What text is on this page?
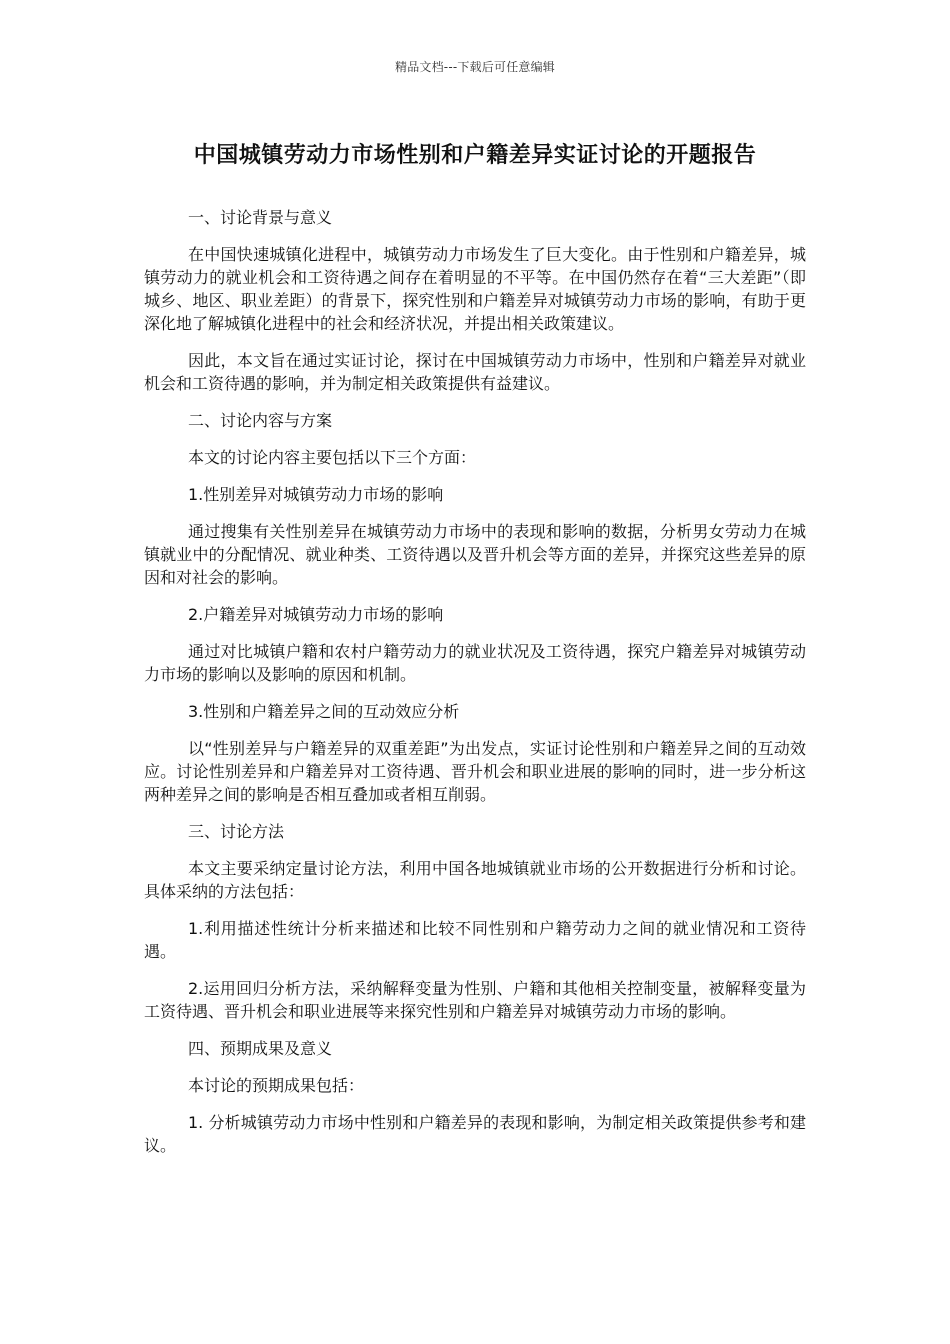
精品文档---下载后可任意编辑
中国城镇劳动力市场性别和户籍差异实证讨论的开题报告

一、讨论背景与意义

在中国快速城镇化进程中，城镇劳动力市场发生了巨大变化。由于性别和户籍差异，城镇劳动力的就业机会和工资待遇之间存在着明显的不平等。在中国仍然存在着“三大差距”（即城乡、地区、职业差距）的背景下，探究性别和户籍差异对城镇劳动力市场的影响，有助于更深化地了解城镇化进程中的社会和经济状况，并提出相关政策建议。

因此，本文旨在通过实证讨论，探讨在中国城镇劳动力市场中，性别和户籍差异对就业机会和工资待遇的影响，并为制定相关政策提供有益建议。

二、讨论内容与方案

本文的讨论内容主要包括以下三个方面：

1.性别差异对城镇劳动力市场的影响

通过搜集有关性别差异在城镇劳动力市场中的表现和影响的数据，分析男女劳动力在城镇就业中的分配情况、就业种类、工资待遇以及晋升机会等方面的差异，并探究这些差异的原因和对社会的影响。

2.户籍差异对城镇劳动力市场的影响

通过对比城镇户籍和农村户籍劳动力的就业状况及工资待遇，探究户籍差异对城镇劳动力市场的影响以及影响的原因和机制。

3.性别和户籍差异之间的互动效应分析

以“性别差异与户籍差异的双重差距”为出发点，实证讨论性别和户籍差异之间的互动效应。讨论性别差异和户籍差异对工资待遇、晋升机会和职业进展的影响的同时，进一步分析这两种差异之间的影响是否相互叠加或者相互削弱。

三、讨论方法

本文主要采纳定量讨论方法，利用中国各地城镇就业市场的公开数据进行分析和讨论。具体采纳的方法包括：

1.利用描述性统计分析来描述和比较不同性别和户籍劳动力之间的就业情况和工资待遇。

2.运用回归分析方法，采纳解释变量为性别、户籍和其他相关控制变量，被解释变量为工资待遇、晋升机会和职业进展等来探究性别和户籍差异对城镇劳动力市场的影响。

四、预期成果及意义

本讨论的预期成果包括：

1. 分析城镇劳动力市场中性别和户籍差异的表现和影响，为制定相关政策提供参考和建议。
